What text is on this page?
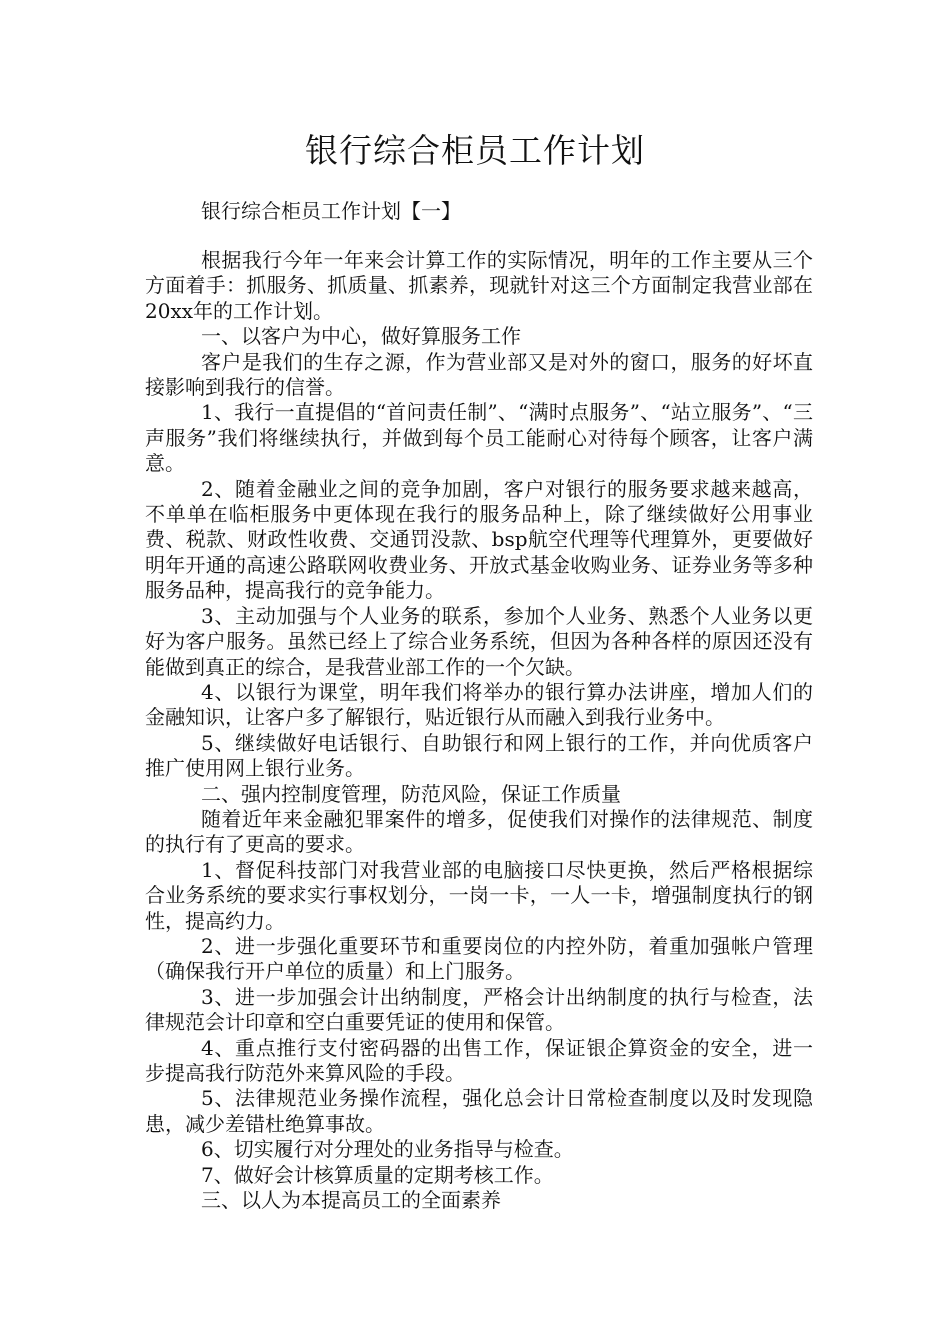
银行综合柜员工作计划
银行综合柜员工作计划【一】

根据我行今年一年来会计算工作的实际情况，明年的工作主要从三个方面着手：抓服务、抓质量、抓素养，现就针对这三个方面制定我营业部在20xx年的工作计划。

一、以客户为中心，做好算服务工作

客户是我们的生存之源，作为营业部又是对外的窗口，服务的好坏直接影响到我行的信誉。

1、我行一直提倡的“首问责任制”、“满时点服务”、“站立服务”、“三声服务”我们将继续执行，并做到每个员工能耐心对待每个顾客，让客户满意。

2、随着金融业之间的竞争加剧，客户对银行的服务要求越来越高，不单单在临柜服务中更体现在我行的服务品种上，除了继续做好公用事业费、税款、财政性收费、交通罚没款、bsp航空代理等代理算外，更要做好明年开通的高速公路联网收费业务、开放式基金收购业务、证券业务等多种服务品种，提高我行的竞争能力。

3、主动加强与个人业务的联系，参加个人业务、熟悉个人业务以更好为客户服务。虽然已经上了综合业务系统，但因为各种各样的原因还没有能做到真正的综合，是我营业部工作的一个欠缺。

4、以银行为课堂，明年我们将举办的银行算办法讲座，增加人们的金融知识，让客户多了解银行，贴近银行从而融入到我行业务中。

5、继续做好电话银行、自助银行和网上银行的工作，并向优质客户推广使用网上银行业务。

二、强内控制度管理，防范风险，保证工作质量

随着近年来金融犯罪案件的增多，促使我们对操作的法律规范、制度的执行有了更高的要求。

1、督促科技部门对我营业部的电脑接口尽快更换，然后严格根据综合业务系统的要求实行事权划分，一岗一卡，一人一卡，增强制度执行的钢性，提高约力。

2、进一步强化重要环节和重要岗位的内控外防，着重加强帐户管理（确保我行开户单位的质量）和上门服务。

3、进一步加强会计出纳制度，严格会计出纳制度的执行与检查，法律规范会计印章和空白重要凭证的使用和保管。

4、重点推行支付密码器的出售工作，保证银企算资金的安全，进一步提高我行防范外来算风险的手段。

5、法律规范业务操作流程，强化总会计日常检查制度以及时发现隐患，减少差错杜绝算事故。

6、切实履行对分理处的业务指导与检查。

7、做好会计核算质量的定期考核工作。

三、以人为本提高员工的全面素养
